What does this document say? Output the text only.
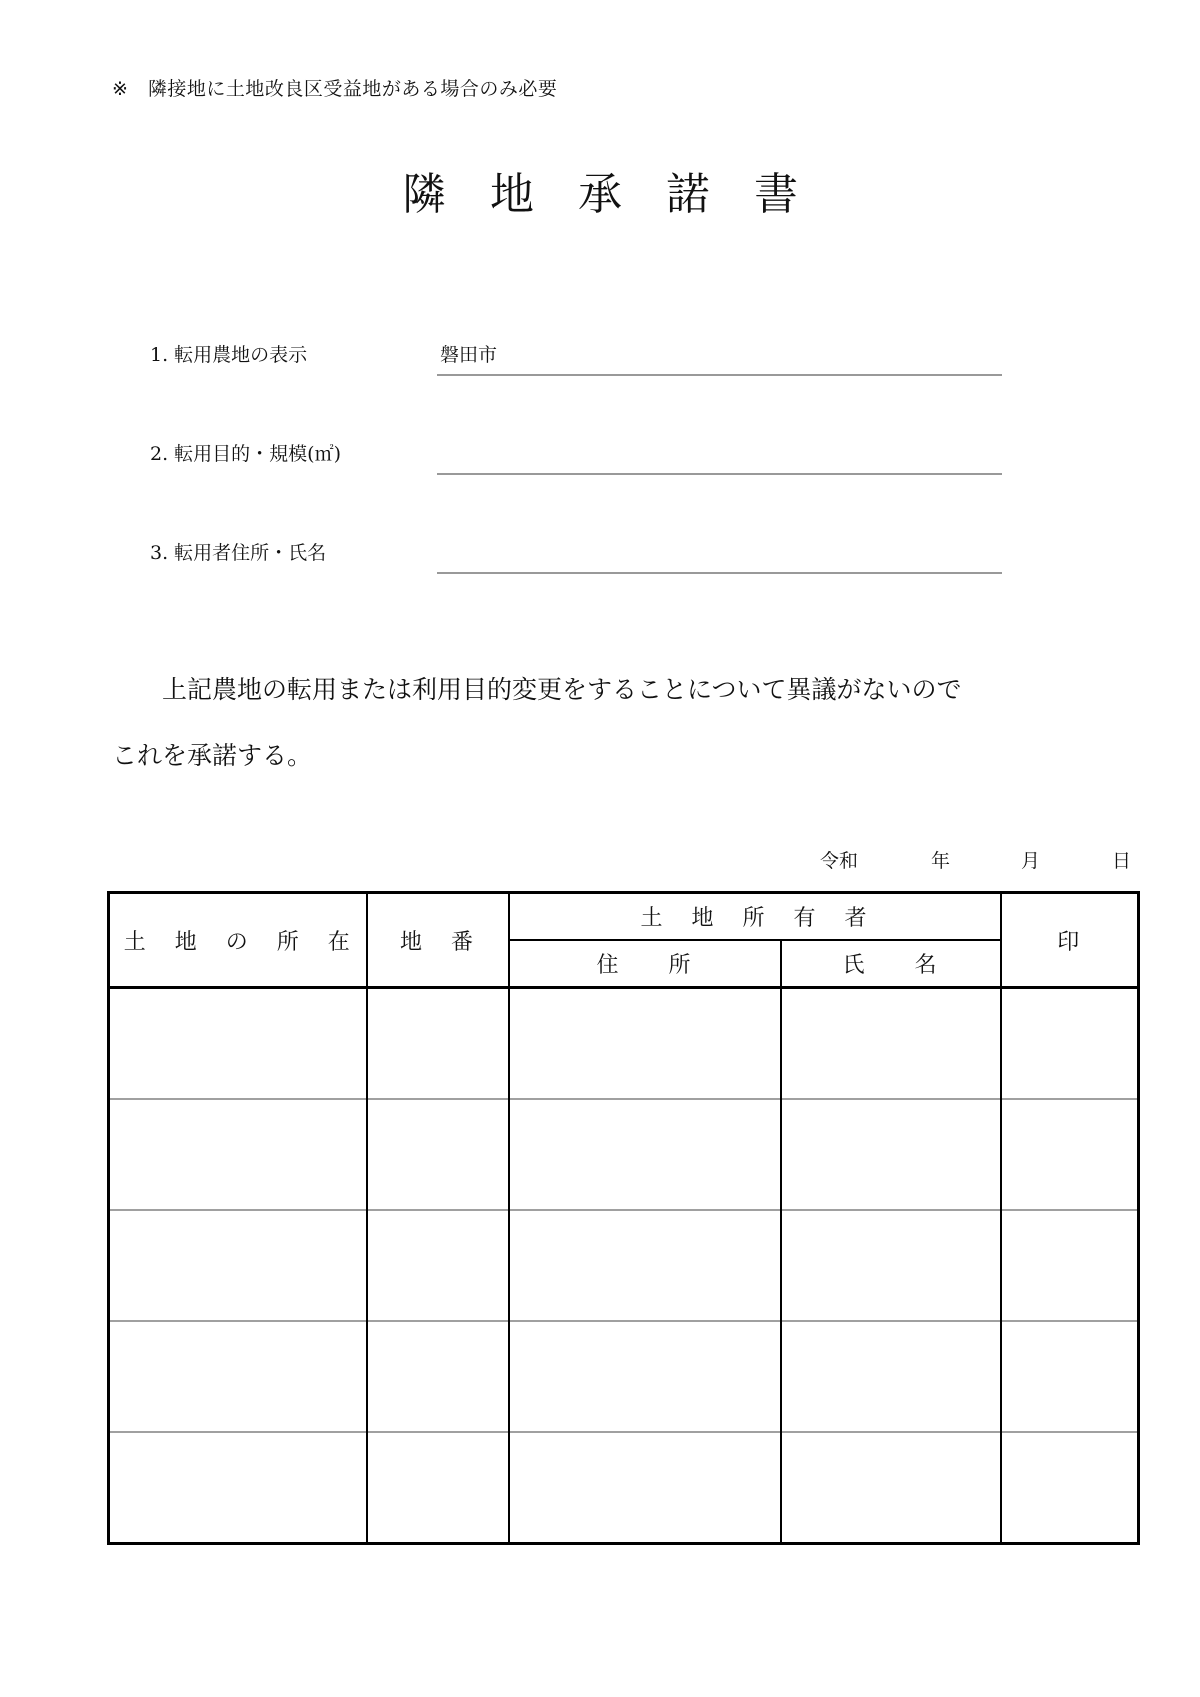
※　隣接地に土地改良区受益地がある場合のみ必要
隣 地 承 諾 書
1. 転用農地の表示	磐田市
2. 転用目的・規模(㎡)
3. 転用者住所・氏名
上記農地の転用または利用目的変更をすることについて異議がないので
これを承諾する。
令和	年	月	日
土 地 の 所 在	地 番	土 地 所 有 者		印
		住　　所	氏　　名	
